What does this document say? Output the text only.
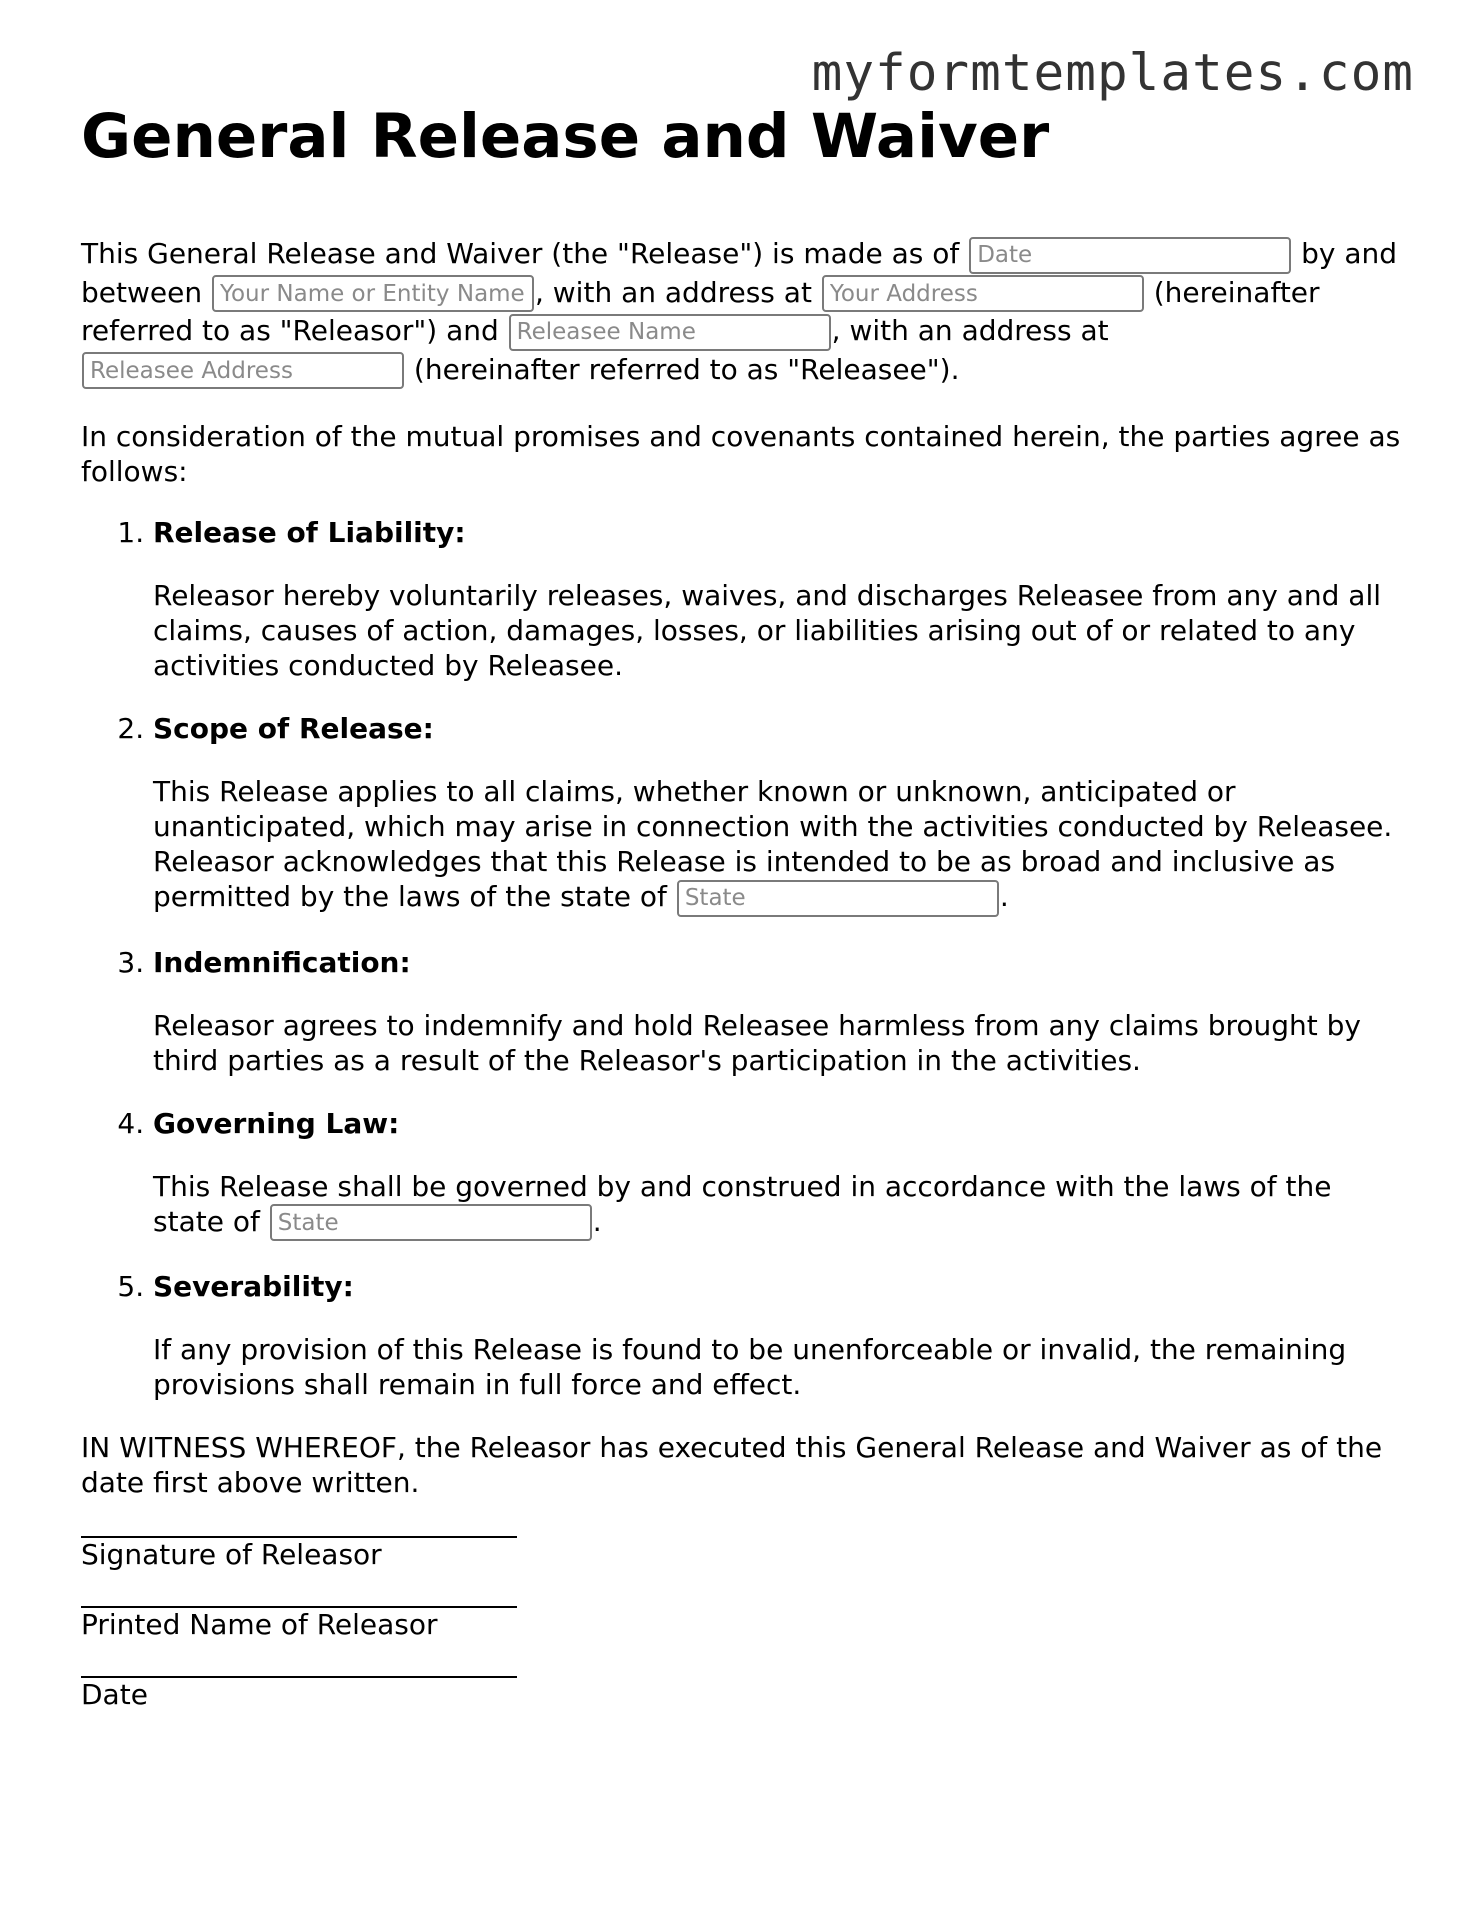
myformtemplates.com
General Release and Waiver

This General Release and Waiver (the "Release") is made as of Date	by and between Your Name or Entity Name	, with an address at Your Address	(hereinafter referred to as "Releasor") and Releasee Name	, with an address at Releasee Address (hereinafter referred to as "Releasee").

In consideration of the mutual promises and covenants contained herein, the parties agree as follows:

1. Release of Liability:
Releasor hereby voluntarily releases, waives, and discharges Releasee from any and all claims, causes of action, damages, losses, or liabilities arising out of or related to any activities conducted by Releasee.
2. Scope of Release:
This Release applies to all claims, whether known or unknown, anticipated or unanticipated, which may arise in connection with the activities conducted by Releasee. Releasor acknowledges that this Release is intended to be as broad and inclusive as permitted by the laws of the state of State	.
3. Indemnification:
Releasor agrees to indemnify and hold Releasee harmless from any claims brought by third parties as a result of the Releasor's participation in the activities.
4. Governing Law:
This Release shall be governed by and construed in accordance with the laws of the state of State	.
5. Severability:
If any provision of this Release is found to be unenforceable or invalid, the remaining provisions shall remain in full force and effect.

IN WITNESS WHEREOF, the Releasor has executed this General Release and Waiver as of the date first above written.

Signature of Releasor
Printed Name of Releasor
Date
